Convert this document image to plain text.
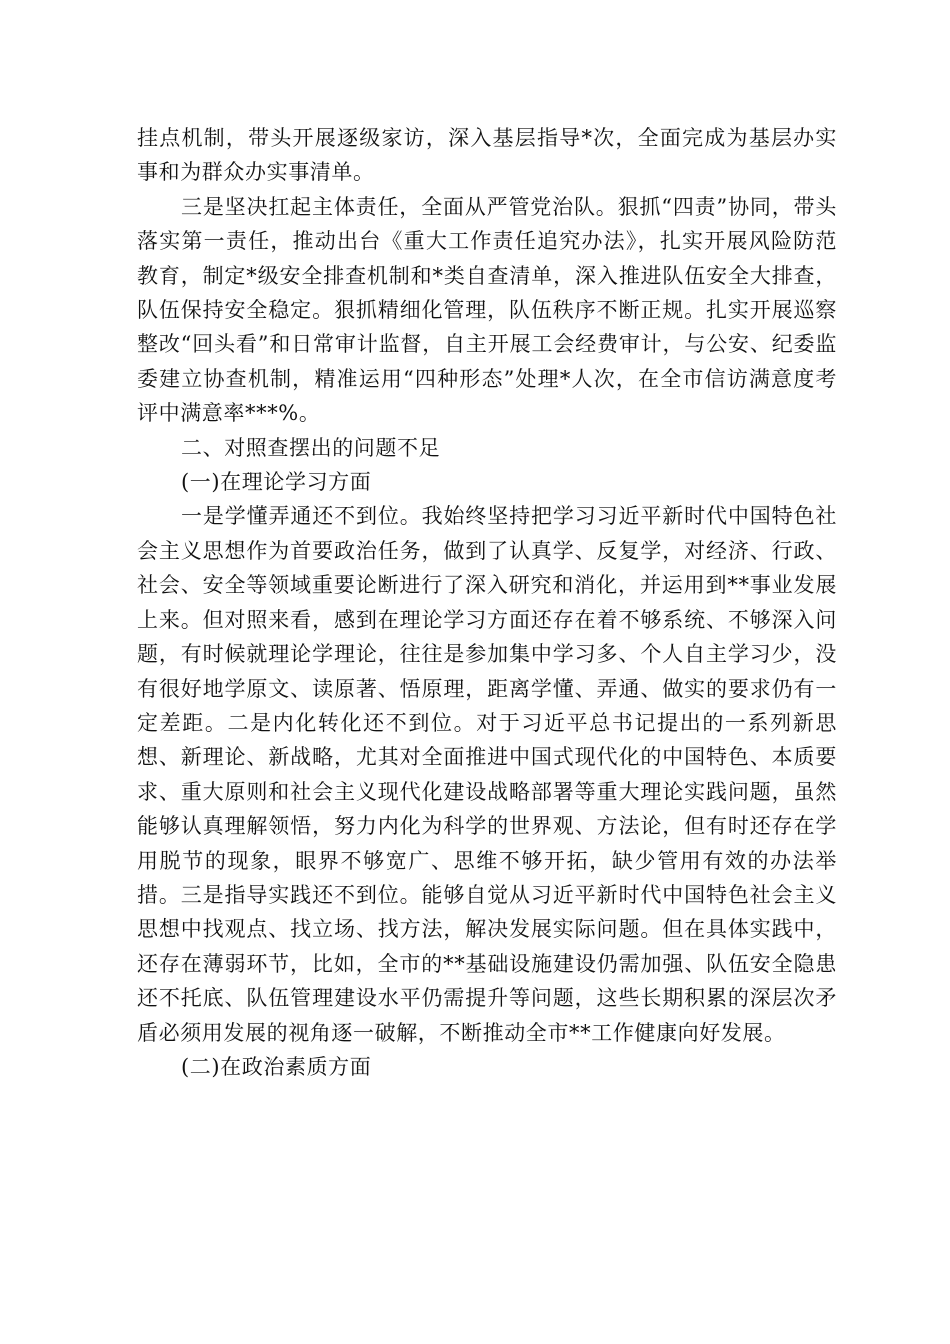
挂点机制，带头开展逐级家访，深入基层指导*次，全面完成为基层办实事和为群众办实事清单。

三是坚决扛起主体责任，全面从严管党治队。狠抓“四责”协同，带头落实第一责任，推动出台《重大工作责任追究办法》，扎实开展风险防范教育，制定*级安全排查机制和*类自查清单，深入推进队伍安全大排查，队伍保持安全稳定。狠抓精细化管理，队伍秩序不断正规。扎实开展巡察整改“回头看”和日常审计监督，自主开展工会经费审计，与公安、纪委监委建立协查机制，精准运用“四种形态”处理*人次，在全市信访满意度考评中满意率***%。

二、对照查摆出的问题不足

(一)在理论学习方面

一是学懂弄通还不到位。我始终坚持把学习习近平新时代中国特色社会主义思想作为首要政治任务，做到了认真学、反复学，对经济、行政、社会、安全等领域重要论断进行了深入研究和消化，并运用到**事业发展上来。但对照来看，感到在理论学习方面还存在着不够系统、不够深入问题，有时候就理论学理论，往往是参加集中学习多、个人自主学习少，没有很好地学原文、读原著、悟原理，距离学懂、弄通、做实的要求仍有一定差距。二是内化转化还不到位。对于习近平总书记提出的一系列新思想、新理论、新战略，尤其对全面推进中国式现代化的中国特色、本质要求、重大原则和社会主义现代化建设战略部署等重大理论实践问题，虽然能够认真理解领悟，努力内化为科学的世界观、方法论，但有时还存在学用脱节的现象，眼界不够宽广、思维不够开拓，缺少管用有效的办法举措。三是指导实践还不到位。能够自觉从习近平新时代中国特色社会主义思想中找观点、找立场、找方法，解决发展实际问题。但在具体实践中，还存在薄弱环节，比如，全市的**基础设施建设仍需加强、队伍安全隐患还不托底、队伍管理建设水平仍需提升等问题，这些长期积累的深层次矛盾必须用发展的视角逐一破解，不断推动全市**工作健康向好发展。

(二)在政治素质方面
